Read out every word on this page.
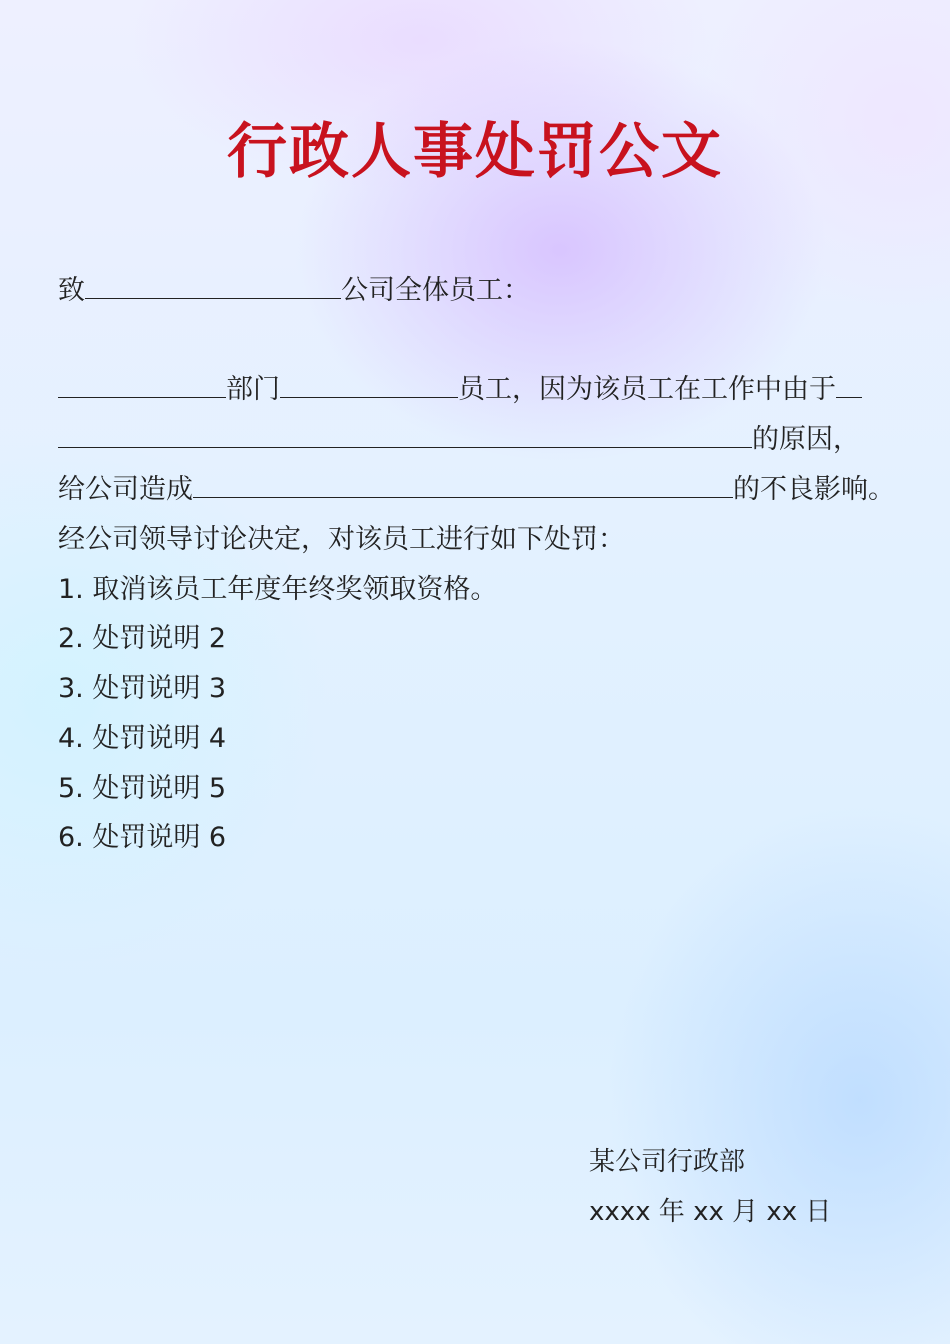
行政人事处罚公文
致	公司全体员工：
部门	员工，因为该员工在工作中由于
的原因，
给公司造成	的不良影响。
经公司领导讨论决定，对该员工进行如下处罚：
1. 取消该员工年度年终奖领取资格。
2. 处罚说明 2
3. 处罚说明 3
4. 处罚说明 4
5. 处罚说明 5
6. 处罚说明 6
某公司行政部
xxxx 年 xx 月 xx 日
